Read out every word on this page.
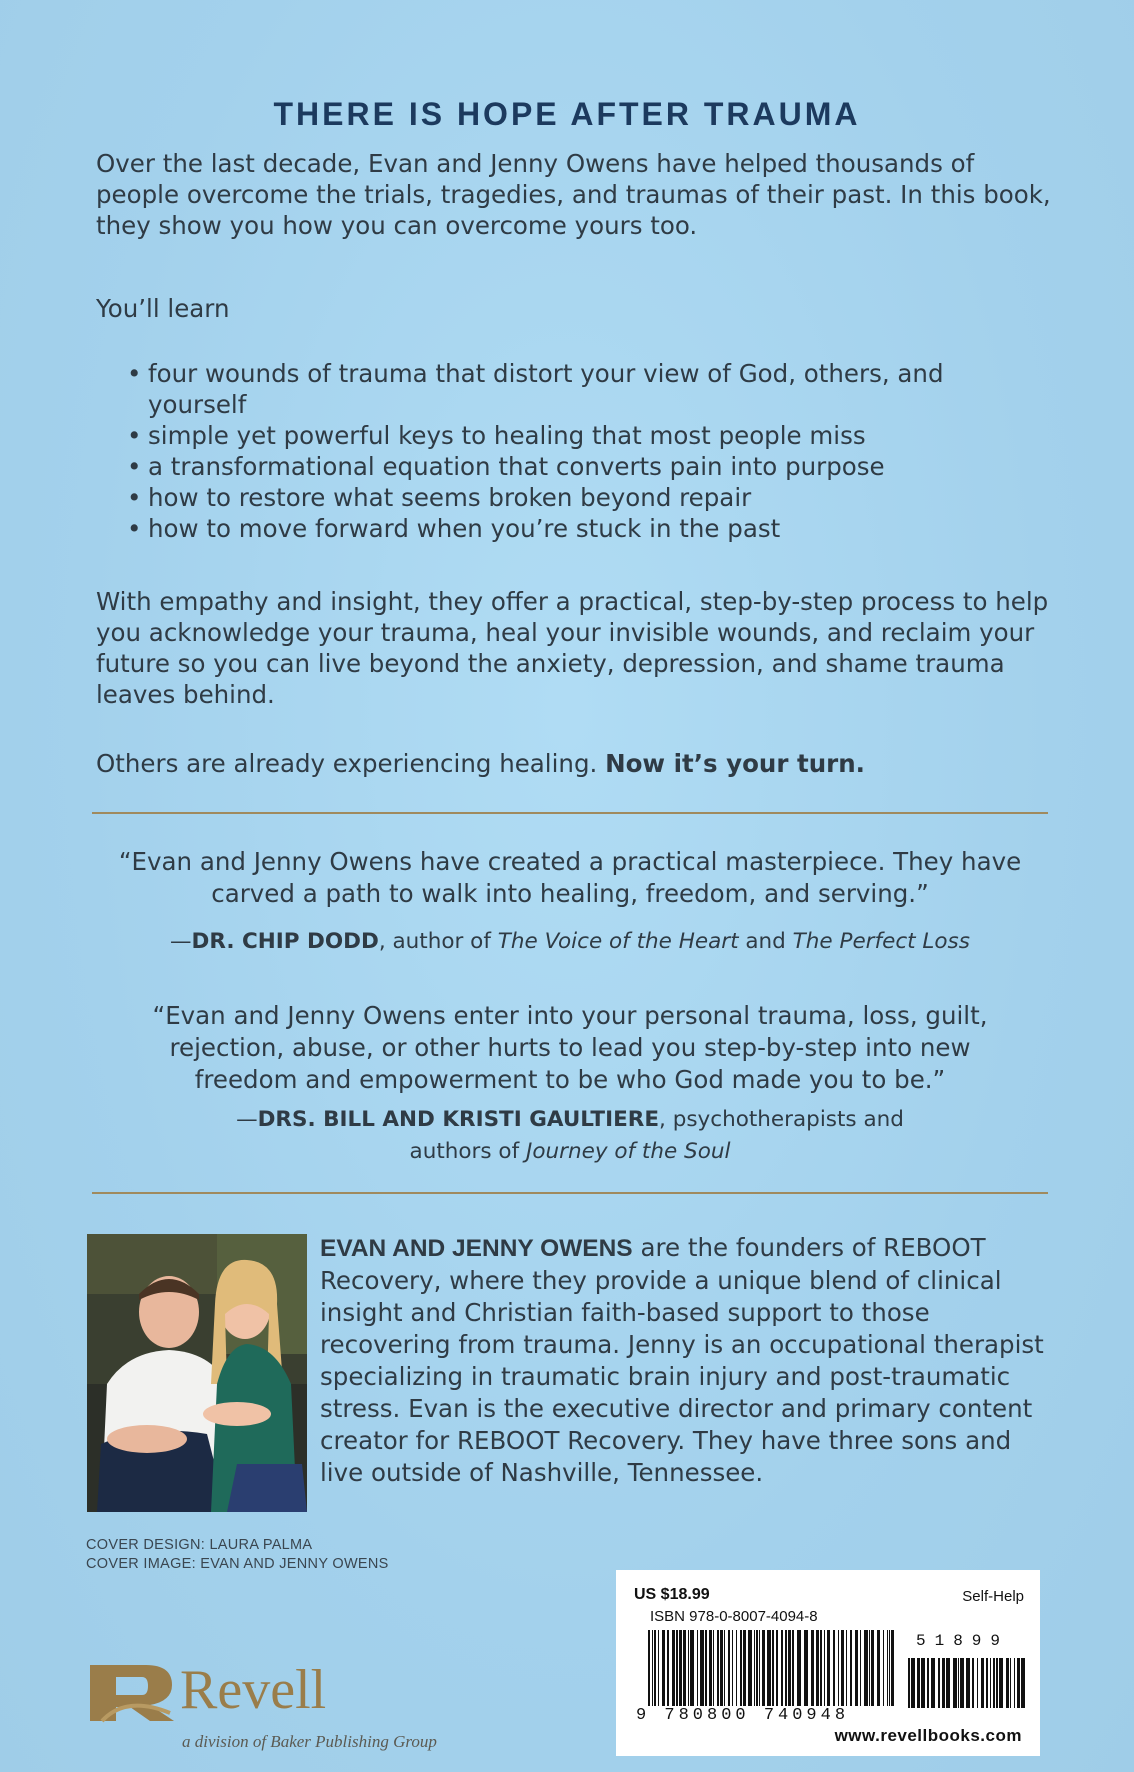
THERE IS HOPE AFTER TRAUMA
Over the last decade, Evan and Jenny Owens have helped thousands of people overcome the trials, tragedies, and traumas of their past. In this book, they show you how you can overcome yours too.
You’ll learn
• four wounds of trauma that distort your view of God, others, and yourself
• simple yet powerful keys to healing that most people miss
• a transformational equation that converts pain into purpose
• how to restore what seems broken beyond repair
• how to move forward when you’re stuck in the past
With empathy and insight, they offer a practical, step-by-step process to help you acknowledge your trauma, heal your invisible wounds, and reclaim your future so you can live beyond the anxiety, depression, and shame trauma leaves behind.
Others are already experiencing healing. Now it’s your turn.
“Evan and Jenny Owens have created a practical masterpiece. They have carved a path to walk into healing, freedom, and serving.”
—DR. CHIP DODD, author of The Voice of the Heart and The Perfect Loss
“Evan and Jenny Owens enter into your personal trauma, loss, guilt, rejection, abuse, or other hurts to lead you step-by-step into new freedom and empowerment to be who God made you to be.”
—DRS. BILL AND KRISTI GAULTIERE, psychotherapists and
authors of Journey of the Soul
EVAN AND JENNY OWENS are the founders of REBOOT Recovery, where they provide a unique blend of clinical insight and Christian faith-based support to those recovering from trauma. Jenny is an occupational therapist specializing in traumatic brain injury and post-traumatic stress. Evan is the executive director and primary content creator for REBOOT Recovery. They have three sons and live outside of Nashville, Tennessee.
COVER DESIGN: LAURA PALMA
COVER IMAGE: EVAN AND JENNY OWENS
US $18.99	Self-Help
ISBN 978-0-8007-4094-8
9 780800 740948
51899
www.revellbooks.com
Revell
a division of Baker Publishing Group
